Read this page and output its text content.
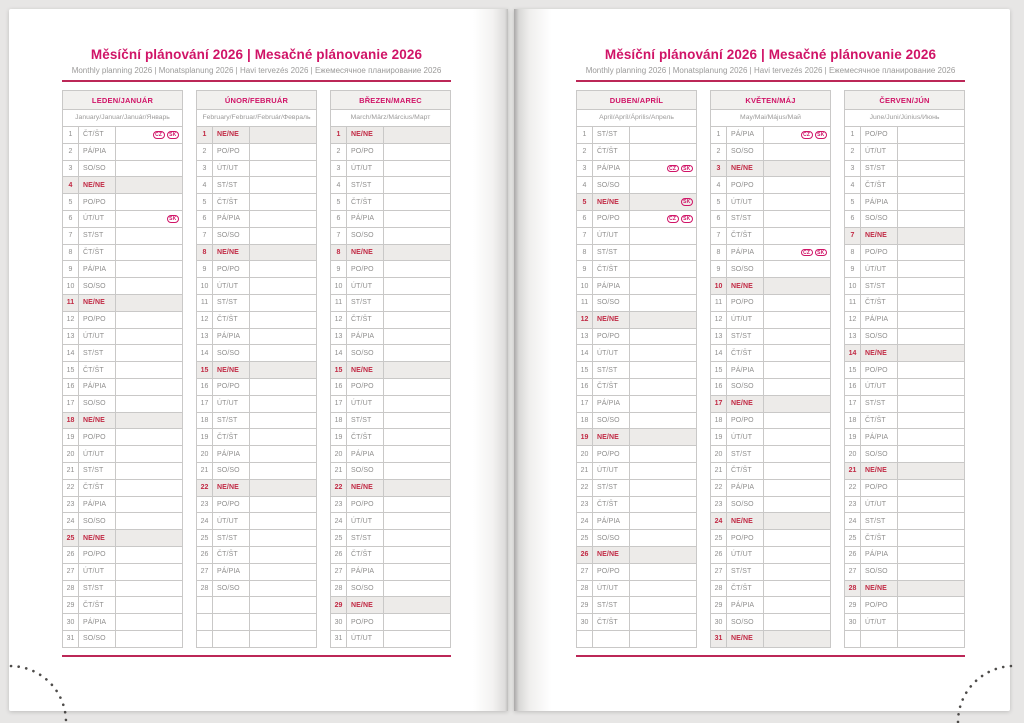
Měsíční plánování 2026 | Mesačné plánovanie 2026
Monthly planning 2026 | Monatsplanung 2026 | Havi tervezés 2026 | Ежемесячное планирование 2026
LEDEN/JANUÁR
January/Januar/Január/Январь
1	ČT/ŠT	CZ	SK
2	PÁ/PIA
3	SO/SO
4	NE/NE
5	PO/PO
6	ÚT/UT	SK
7	ST/ST
8	ČT/ŠT
9	PÁ/PIA
10	SO/SO
11	NE/NE
12	PO/PO
13	ÚT/UT
14	ST/ST
15	ČT/ŠT
16	PÁ/PIA
17	SO/SO
18	NE/NE
19	PO/PO
20	ÚT/UT
21	ST/ST
22	ČT/ŠT
23	PÁ/PIA
24	SO/SO
25	NE/NE
26	PO/PO
27	ÚT/UT
28	ST/ST
29	ČT/ŠT
30	PÁ/PIA
31	SO/SO
ÚNOR/FEBRUÁR
February/Februar/Február/Февраль
1	NE/NE
2	PO/PO
3	ÚT/UT
4	ST/ST
5	ČT/ŠT
6	PÁ/PIA
7	SO/SO
8	NE/NE
9	PO/PO
10	ÚT/UT
11	ST/ST
12	ČT/ŠT
13	PÁ/PIA
14	SO/SO
15	NE/NE
16	PO/PO
17	ÚT/UT
18	ST/ST
19	ČT/ŠT
20	PÁ/PIA
21	SO/SO
22	NE/NE
23	PO/PO
24	ÚT/UT
25	ST/ST
26	ČT/ŠT
27	PÁ/PIA
28	SO/SO
BŘEZEN/MAREC
March/März/Március/Март
1	NE/NE
2	PO/PO
3	ÚT/UT
4	ST/ST
5	ČT/ŠT
6	PÁ/PIA
7	SO/SO
8	NE/NE
9	PO/PO
10	ÚT/UT
11	ST/ST
12	ČT/ŠT
13	PÁ/PIA
14	SO/SO
15	NE/NE
16	PO/PO
17	ÚT/UT
18	ST/ST
19	ČT/ŠT
20	PÁ/PIA
21	SO/SO
22	NE/NE
23	PO/PO
24	ÚT/UT
25	ST/ST
26	ČT/ŠT
27	PÁ/PIA
28	SO/SO
29	NE/NE
30	PO/PO
31	ÚT/UT
Měsíční plánování 2026 | Mesačné plánovanie 2026
Monthly planning 2026 | Monatsplanung 2026 | Havi tervezés 2026 | Ежемесячное планирование 2026
DUBEN/APRÍL
April/Apríl/Április/Апрель
1	ST/ST
2	ČT/ŠT
3	PÁ/PIA	CZ	SK
4	SO/SO
5	NE/NE	SK
6	PO/PO	CZ	SK
7	ÚT/UT
8	ST/ST
9	ČT/ŠT
10	PÁ/PIA
11	SO/SO
12	NE/NE
13	PO/PO
14	ÚT/UT
15	ST/ST
16	ČT/ŠT
17	PÁ/PIA
18	SO/SO
19	NE/NE
20	PO/PO
21	ÚT/UT
22	ST/ST
23	ČT/ŠT
24	PÁ/PIA
25	SO/SO
26	NE/NE
27	PO/PO
28	ÚT/UT
29	ST/ST
30	ČT/ŠT
KVĚTEN/MÁJ
May/Mai/Május/Май
1	PÁ/PIA	CZ	SK
2	SO/SO
3	NE/NE
4	PO/PO
5	ÚT/UT
6	ST/ST
7	ČT/ŠT
8	PÁ/PIA	CZ	SK
9	SO/SO
10	NE/NE
11	PO/PO
12	ÚT/UT
13	ST/ST
14	ČT/ŠT
15	PÁ/PIA
16	SO/SO
17	NE/NE
18	PO/PO
19	ÚT/UT
20	ST/ST
21	ČT/ŠT
22	PÁ/PIA
23	SO/SO
24	NE/NE
25	PO/PO
26	ÚT/UT
27	ST/ST
28	ČT/ŠT
29	PÁ/PIA
30	SO/SO
31	NE/NE
ČERVEN/JÚN
June/Juni/Június/Июнь
1	PO/PO
2	ÚT/UT
3	ST/ST
4	ČT/ŠT
5	PÁ/PIA
6	SO/SO
7	NE/NE
8	PO/PO
9	ÚT/UT
10	ST/ST
11	ČT/ŠT
12	PÁ/PIA
13	SO/SO
14	NE/NE
15	PO/PO
16	ÚT/UT
17	ST/ST
18	ČT/ŠT
19	PÁ/PIA
20	SO/SO
21	NE/NE
22	PO/PO
23	ÚT/UT
24	ST/ST
25	ČT/ŠT
26	PÁ/PIA
27	SO/SO
28	NE/NE
29	PO/PO
30	ÚT/UT
